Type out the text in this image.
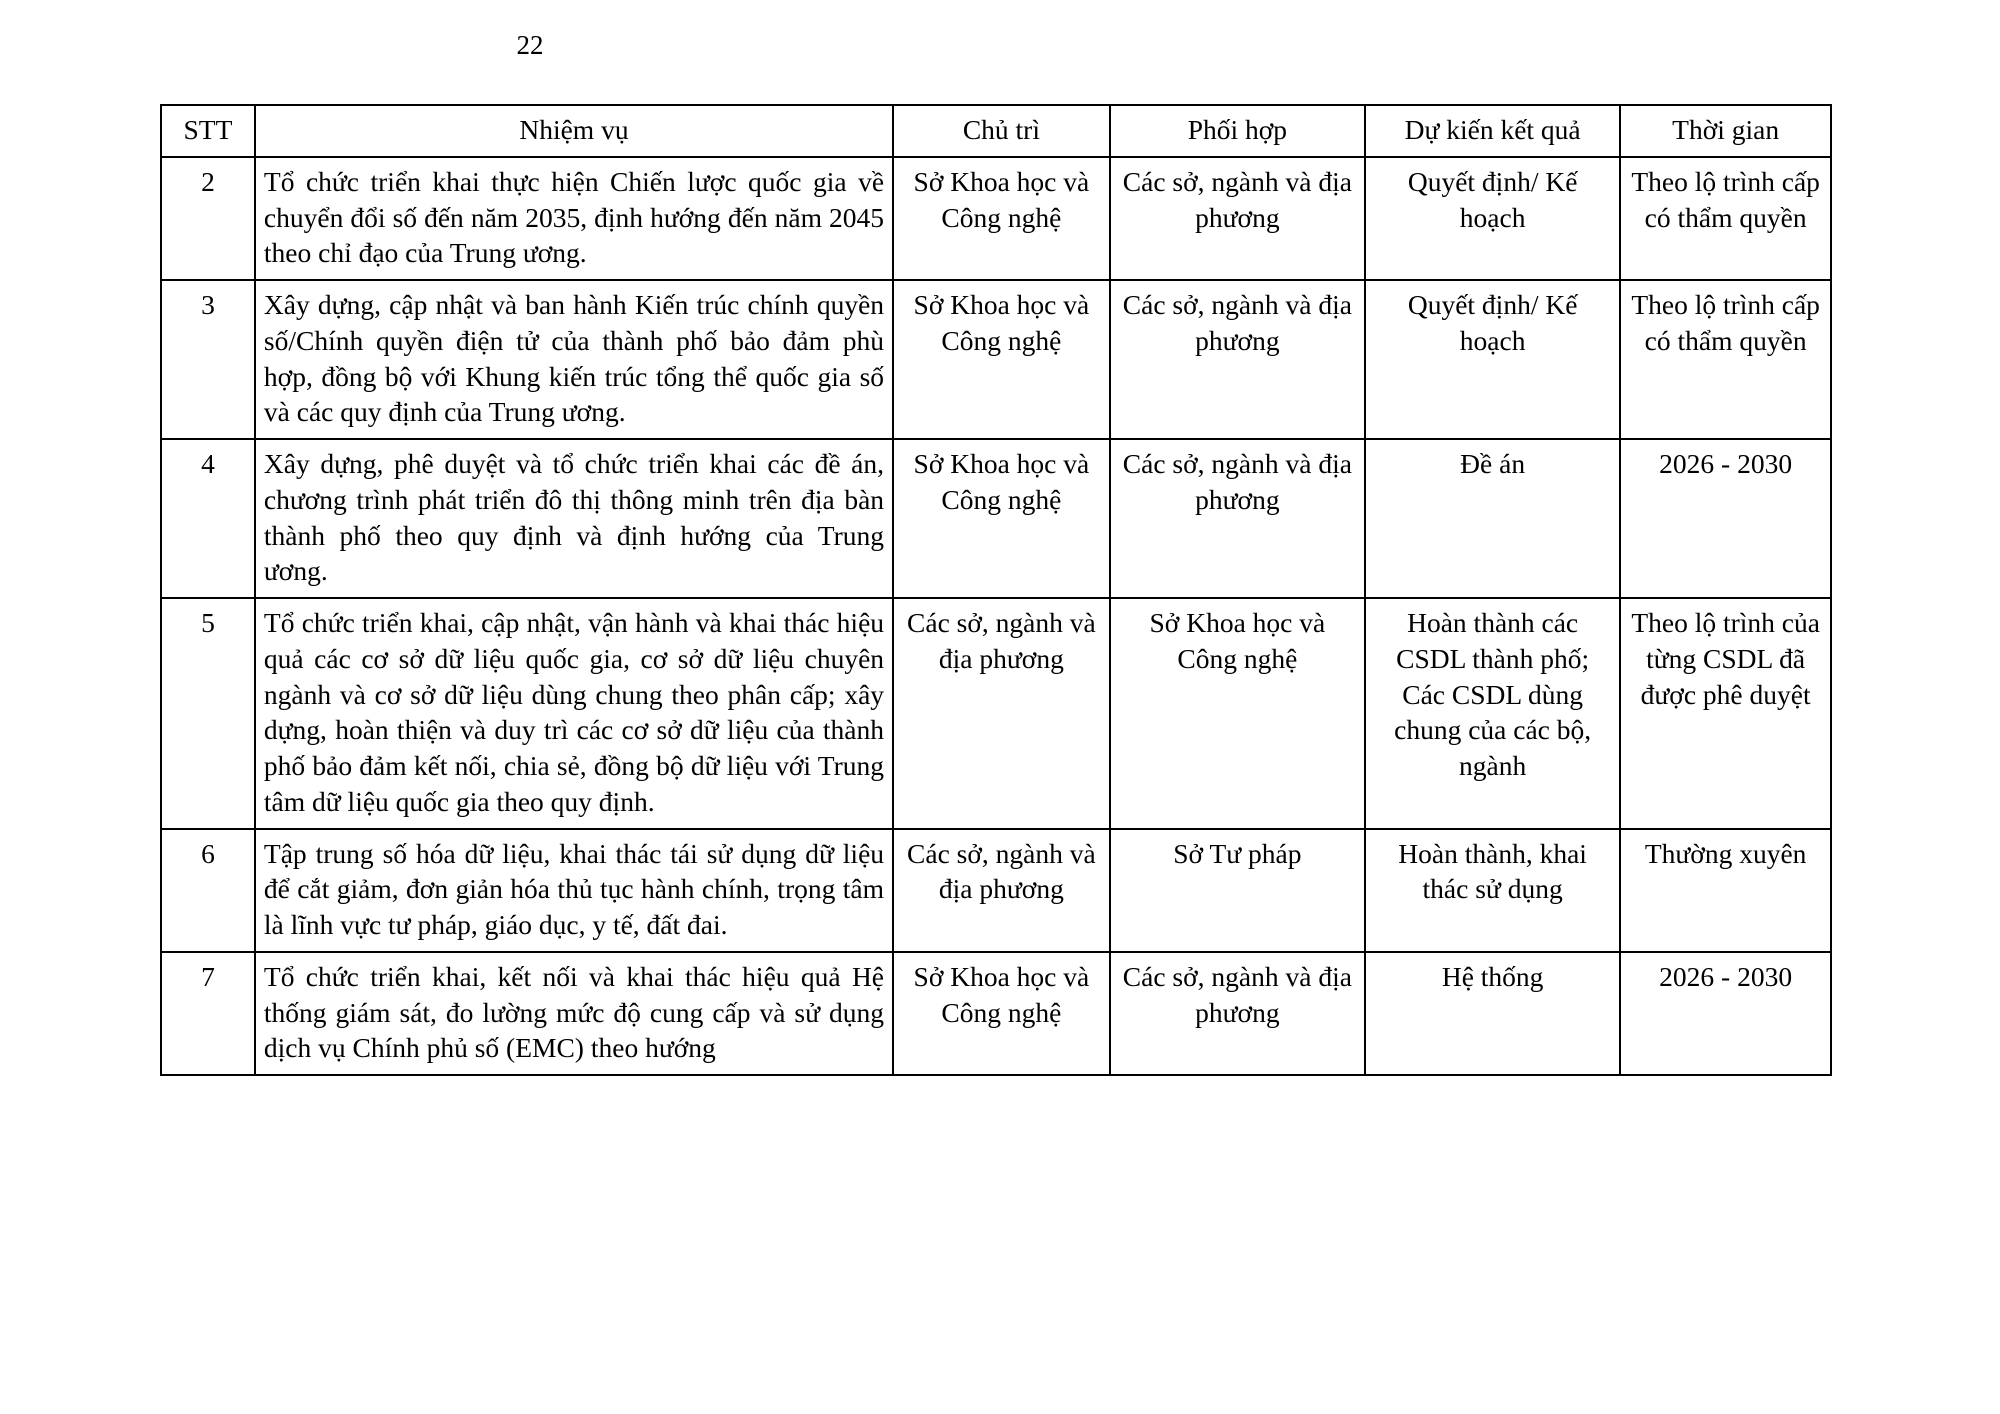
22
STT	Nhiệm vụ	Chủ trì	Phối hợp	Dự kiến kết quả	Thời gian
2	Tổ chức triển khai thực hiện Chiến lược quốc gia về chuyển đổi số đến năm 2035, định hướng đến năm 2045 theo chỉ đạo của Trung ương.	Sở Khoa học và Công nghệ	Các sở, ngành và địa phương	Quyết định/ Kế hoạch	Theo lộ trình cấp có thẩm quyền
3	Xây dựng, cập nhật và ban hành Kiến trúc chính quyền số/Chính quyền điện tử của thành phố bảo đảm phù hợp, đồng bộ với Khung kiến trúc tổng thể quốc gia số và các quy định của Trung ương.	Sở Khoa học và Công nghệ	Các sở, ngành và địa phương	Quyết định/ Kế hoạch	Theo lộ trình cấp có thẩm quyền
4	Xây dựng, phê duyệt và tổ chức triển khai các đề án, chương trình phát triển đô thị thông minh trên địa bàn thành phố theo quy định và định hướng của Trung ương.	Sở Khoa học và Công nghệ	Các sở, ngành và địa phương	Đề án	2026 - 2030
5	Tổ chức triển khai, cập nhật, vận hành và khai thác hiệu quả các cơ sở dữ liệu quốc gia, cơ sở dữ liệu chuyên ngành và cơ sở dữ liệu dùng chung theo phân cấp; xây dựng, hoàn thiện và duy trì các cơ sở dữ liệu của thành phố bảo đảm kết nối, chia sẻ, đồng bộ dữ liệu với Trung tâm dữ liệu quốc gia theo quy định.	Các sở, ngành và địa phương	Sở Khoa học và Công nghệ	Hoàn thành các CSDL thành phố; Các CSDL dùng chung của các bộ, ngành	Theo lộ trình của từng CSDL đã được phê duyệt
6	Tập trung số hóa dữ liệu, khai thác tái sử dụng dữ liệu để cắt giảm, đơn giản hóa thủ tục hành chính, trọng tâm là lĩnh vực tư pháp, giáo dục, y tế, đất đai.	Các sở, ngành và địa phương	Sở Tư pháp	Hoàn thành, khai thác sử dụng	Thường xuyên
7	Tổ chức triển khai, kết nối và khai thác hiệu quả Hệ thống giám sát, đo lường mức độ cung cấp và sử dụng dịch vụ Chính phủ số (EMC) theo hướng	Sở Khoa học và Công nghệ	Các sở, ngành và địa phương	Hệ thống	2026 - 2030
